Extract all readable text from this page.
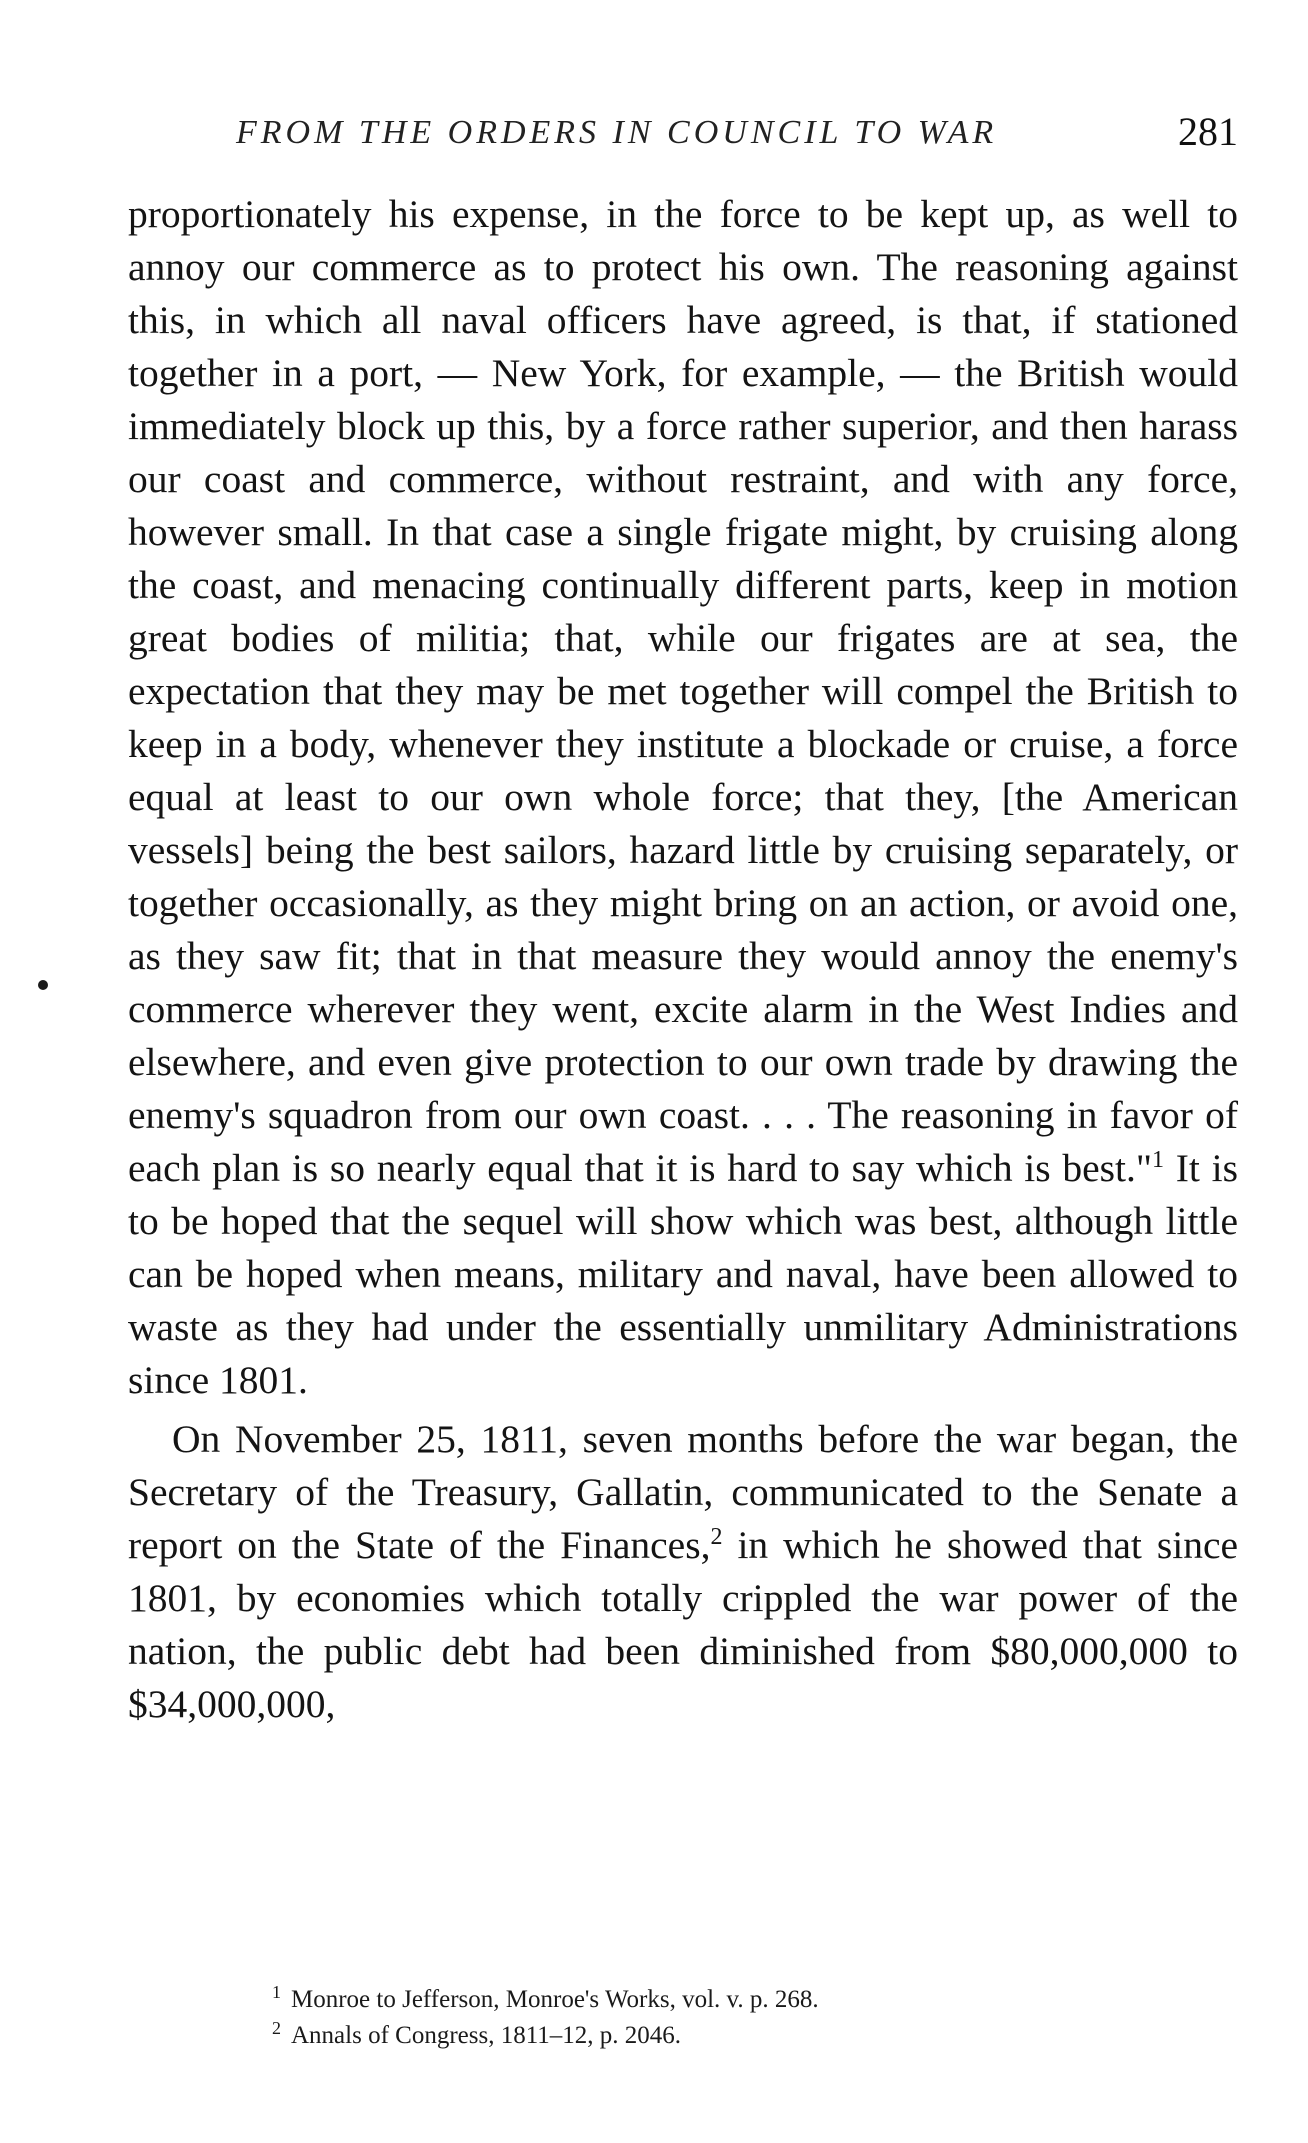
FROM THE ORDERS IN COUNCIL TO WAR	281

proportionately his expense, in the force to be kept up, as well to annoy our commerce as to protect his own. The reasoning against this, in which all naval officers have agreed, is that, if stationed together in a port, — New York, for example, — the British would immediately block up this, by a force rather superior, and then harass our coast and commerce, without restraint, and with any force, however small. In that case a single frigate might, by cruising along the coast, and menacing continually different parts, keep in motion great bodies of militia; that, while our frigates are at sea, the expectation that they may be met together will compel the British to keep in a body, whenever they institute a blockade or cruise, a force equal at least to our own whole force; that they, [the American vessels] being the best sailors, hazard little by cruising separately, or together occasionally, as they might bring on an action, or avoid one, as they saw fit; that in that measure they would annoy the enemy's commerce wherever they went, excite alarm in the West Indies and elsewhere, and even give protection to our own trade by drawing the enemy's squadron from our own coast. . . . The reasoning in favor of each plan is so nearly equal that it is hard to say which is best."$^1$ It is to be hoped that the sequel will show which was best, although little can be hoped when means, military and naval, have been allowed to waste as they had under the essentially unmilitary Administrations since 1801.

On November 25, 1811, seven months before the war began, the Secretary of the Treasury, Gallatin, communicated to the Senate a report on the State of the Finances,$^2$ in which he showed that since 1801, by economies which totally crippled the war power of the nation, the public debt had been diminished from $80,000,000 to $34,000,000,

$^1$ Monroe to Jefferson, Monroe's Works, vol. v. p. 268.
$^2$ Annals of Congress, 1811–12, p. 2046.
